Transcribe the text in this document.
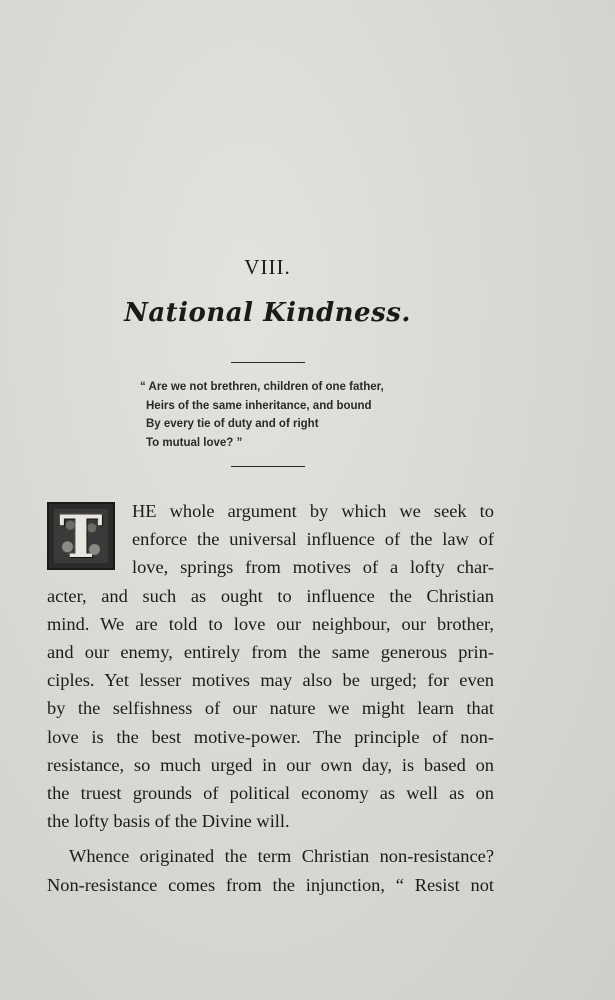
VIII.
National Kindness.
“ Are we not brethren, children of one father,
Heirs of the same inheritance, and bound
By every tie of duty and of right
To mutual love? ”
T	HE whole argument by which we seek to
enforce the universal influence of the law of
love, springs from motives of a lofty char-
acter, and such as ought to influence the Christian
mind. We are told to love our neighbour, our brother,
and our enemy, entirely from the same generous prin-
ciples. Yet lesser motives may also be urged; for even
by the selfishness of our nature we might learn that
love is the best motive-power. The principle of non-
resistance, so much urged in our own day, is based on
the truest grounds of political economy as well as on
the lofty basis of the Divine will.
Whence originated the term Christian non-resistance?
Non-resistance comes from the injunction, “ Resist not
